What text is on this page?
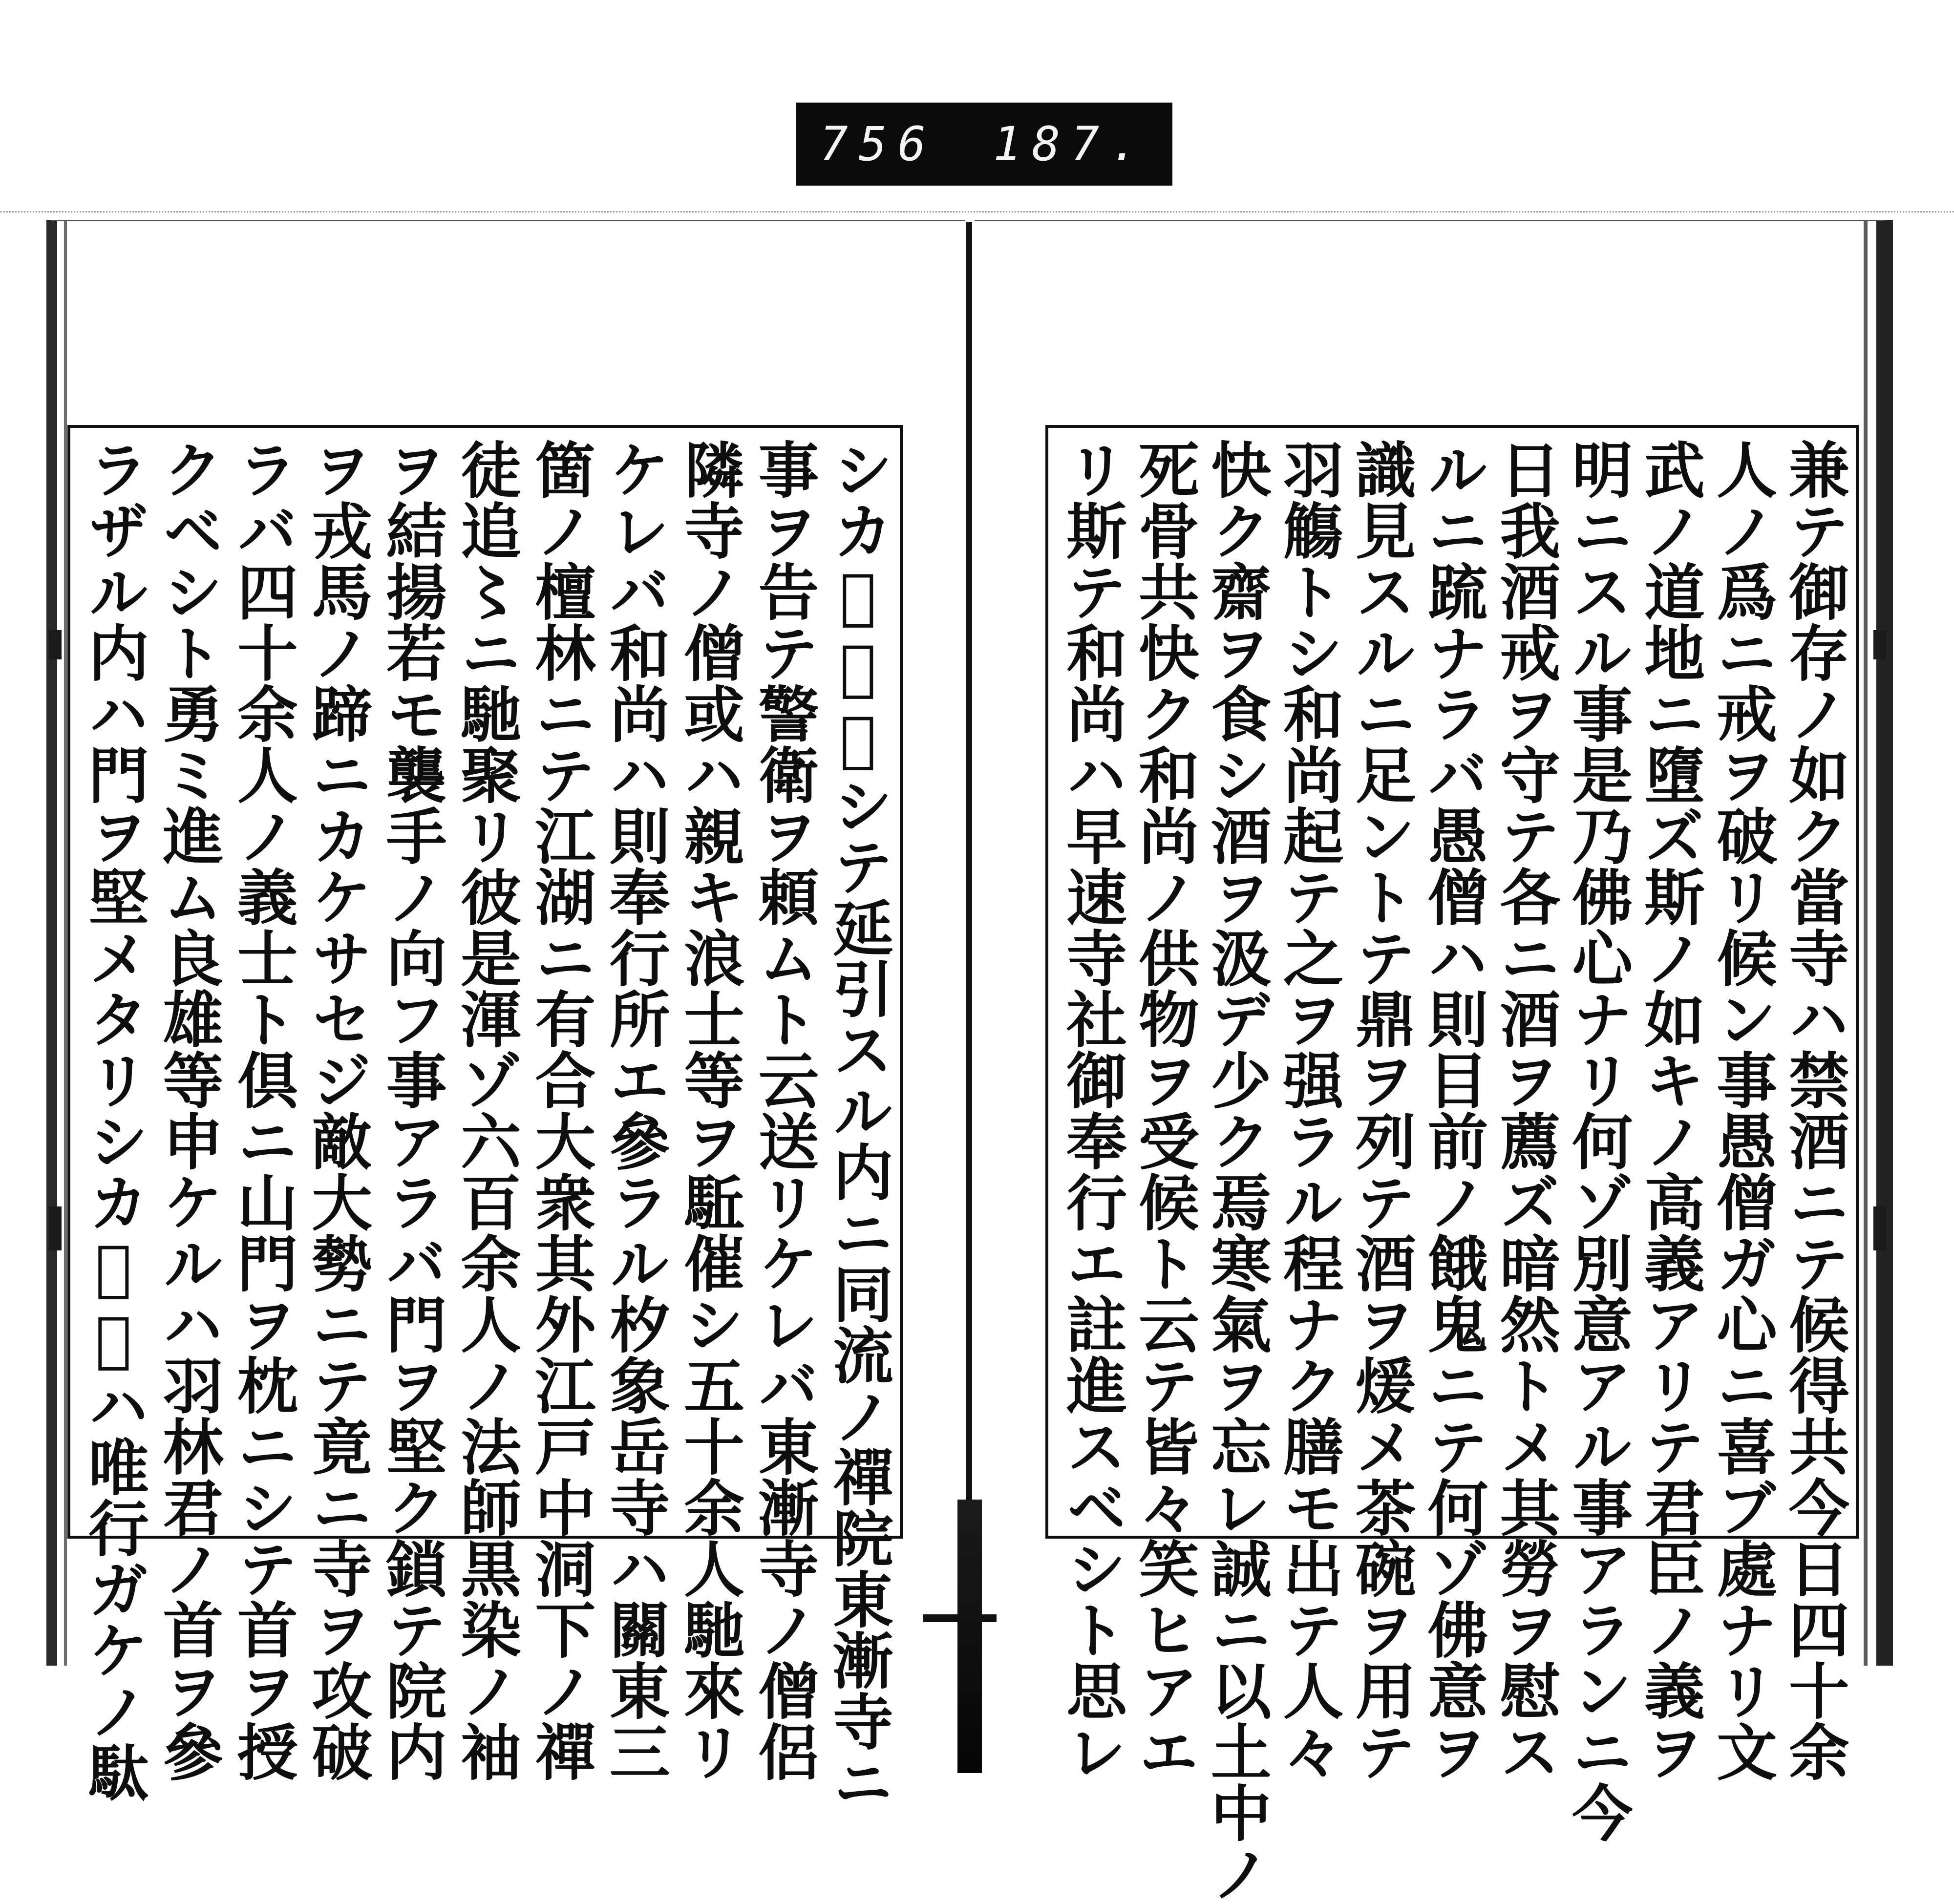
756 187.
シカ𪜈鬼角シテ延引スル内ニ同流ノ禪院東漸寺ニ
事ヲ告テ警衛ヲ頼ムト云送リケレバ東漸寺ノ僧侶
隣寺ノ僧或ハ親キ浪士等ヲ駈催シ五十余人馳來リ
ケレバ和尚ハ則奉行所エ參ラル𣏐象岳寺ハ關東三
箇ノ檀林ニテ江湖ニ有合大衆其外江戸中洞下ノ禪
徒追〻ニ馳聚リ彼是渾ゾ六百余人ノ法師黒染ノ袖
ヲ結揚若モ襲手ノ向フ事アラバ門ヲ堅ク鎖テ院内
ヲ戎馬ノ蹄ニカケサセジ敵大勢ニテ竟ニ寺ヲ攻破
ラバ四十余人ノ義士ト倶ニ山門ヲ枕ニシテ首ヲ授
クベシト勇ミ進ム良雄等申ケルハ羽林君ノ首ヲ參
ラザル内ハ門ヲ堅メタリシカ𪜈今ハ唯行ガケノ駄	兼テ御存ノ如ク當寺ハ禁酒ニテ候得共今日四十余
人ノ爲ニ戒ヲ破リ候ン事愚僧ガ心ニ喜ブ處ナリ文
武ノ道地ニ墮ズ斯ノ如キノ高義アリテ君臣ノ義ヲ
明ニスル事是乃佛心ナリ何ゾ別意アル事アランニ今
日我酒戒ヲ守テ各ニ酒ヲ薦ズ暗然トメ其勞ヲ慰ス
ルニ䟽ナラバ愚僧ハ則目前ノ餓鬼ニテ何ゾ佛意ヲ
識見スルニ足ントテ鼎ヲ列テ酒ヲ煖メ茶碗ヲ用テ
羽觴トシ和尚起テ之ヲ强ラル程ナク膳モ出テ人々
快ク齋ヲ食シ酒ヲ汲デ少ク焉寒氣ヲ忘レ誠ニ以土中ノ
死骨共快ク和尚ノ供物ヲ受候ト云テ皆々笑ヒアエ
リ斯テ和尚ハ早速寺社御奉行エ註進スベシト思レ
